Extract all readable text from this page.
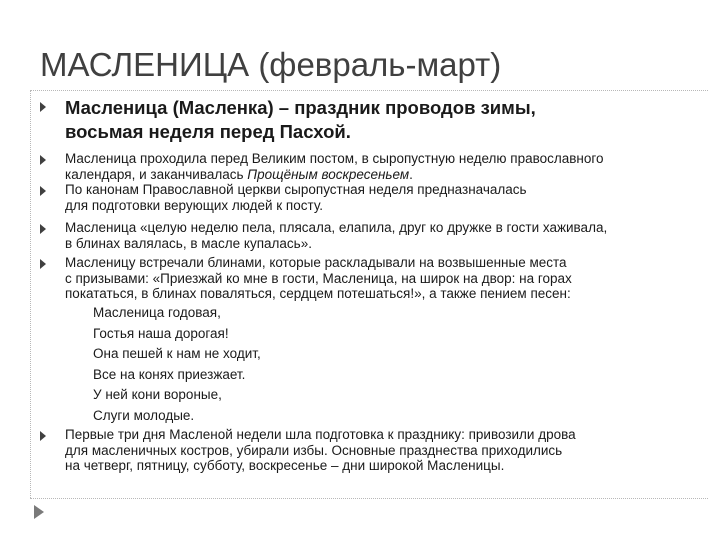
МАСЛЕНИЦА (февраль-март)

Масленица (Масленка) – праздник проводов зимы,
восьмая неделя перед Пасхой.

Масленица проходила перед Великим постом, в сыропустную неделю православного
календаря, и заканчивалась Прощёным воскресеньем.

По канонам Православной церкви сыропустная неделя предназначалась
для подготовки верующих людей к посту.

Масленица «целую неделю пела, плясала, елапила, друг ко дружке в гости хаживала,
в блинах валялась, в масле купалась».

Масленицу встречали блинами, которые раскладывали на возвышенные места
с призывами: «Приезжай ко мне в гости, Масленица, на широк на двор: на горах
покататься, в блинах поваляться, сердцем потешаться!», а также пением песен:

Масленица годовая,
Гостья наша дорогая!
Она пешей к нам не ходит,
Все на конях приезжает.
У ней кони вороные,
Слуги молодые.

Первые три дня Масленой недели шла подготовка к празднику: привозили дрова
для масленичных костров, убирали избы. Основные празднества приходились
на четверг, пятницу, субботу, воскресенье – дни широкой Масленицы.
